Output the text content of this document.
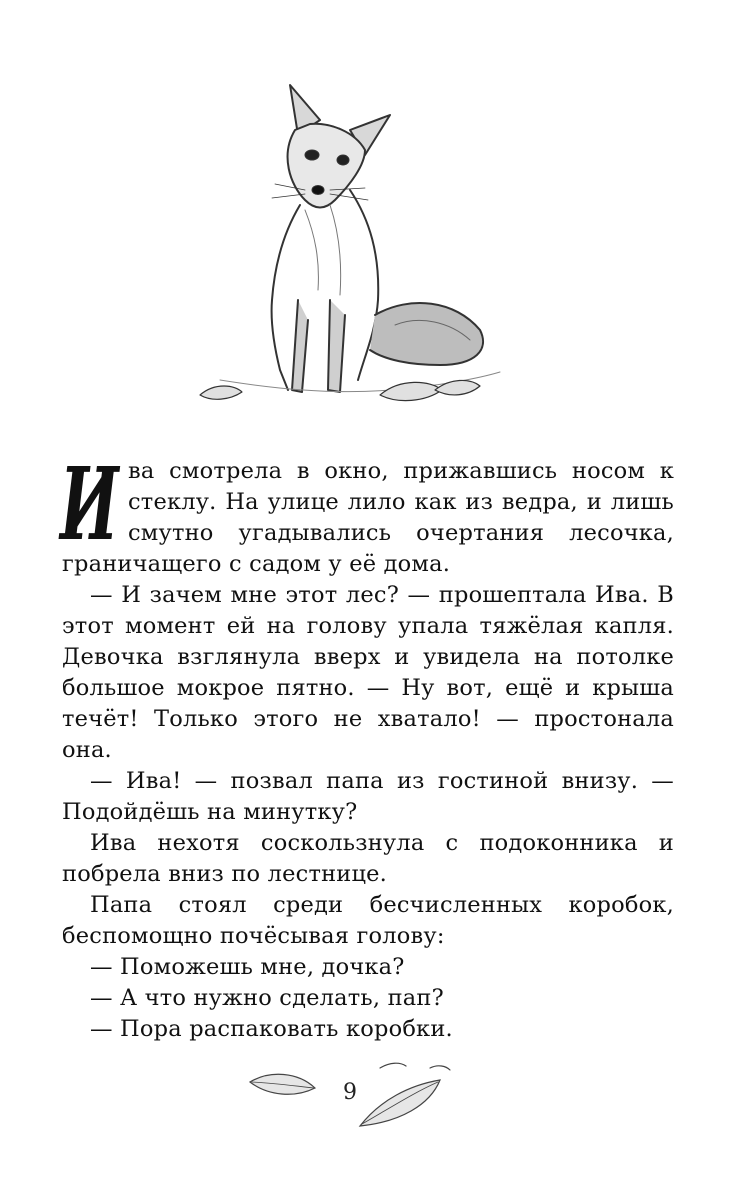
Ива смотрела в окно, прижавшись носом к стеклу. На улице лило как из ведра, и лишь смутно угадывались очертания лесочка, граничащего с садом у её дома.

— И зачем мне этот лес? — прошептала Ива. В этот момент ей на голову упала тяжёлая капля. Девочка взглянула вверх и увидела на потолке большое мокрое пятно. — Ну вот, ещё и крыша течёт! Только этого не хватало! — простонала она.

— Ива! — позвал папа из гостиной внизу. — Подойдёшь на минутку?

Ива нехотя соскользнула с подоконника и побрела вниз по лестнице.

Папа стоял среди бесчисленных коробок, беспомощно почёсывая голову:

— Поможешь мне, дочка?

— А что нужно сделать, пап?

— Пора распаковать коробки.

9
